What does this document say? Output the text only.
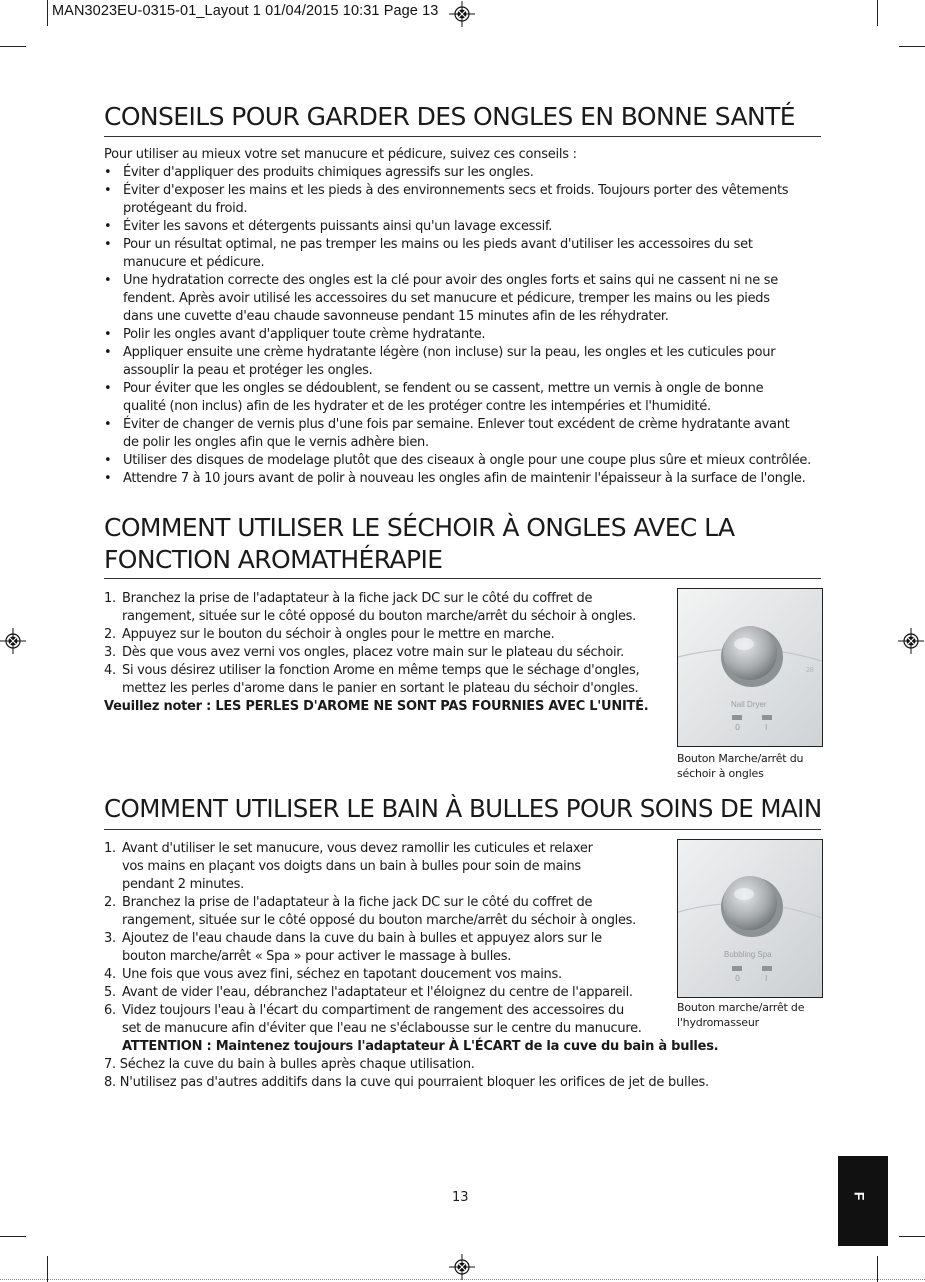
MAN3023EU-0315-01_Layout 1 01/04/2015 10:31 Page 13
CONSEILS POUR GARDER DES ONGLES EN BONNE SANTÉ

Pour utiliser au mieux votre set manucure et pédicure, suivez ces conseils :

• Éviter d'appliquer des produits chimiques agressifs sur les ongles.
• Éviter d'exposer les mains et les pieds à des environnements secs et froids. Toujours porter des vêtements
protégeant du froid.
• Éviter les savons et détergents puissants ainsi qu'un lavage excessif.
• Pour un résultat optimal, ne pas tremper les mains ou les pieds avant d'utiliser les accessoires du set
manucure et pédicure.
• Une hydratation correcte des ongles est la clé pour avoir des ongles forts et sains qui ne cassent ni ne se
fendent. Après avoir utilisé les accessoires du set manucure et pédicure, tremper les mains ou les pieds
dans une cuvette d'eau chaude savonneuse pendant 15 minutes afin de les réhydrater.
• Polir les ongles avant d'appliquer toute crème hydratante.
• Appliquer ensuite une crème hydratante légère (non incluse) sur la peau, les ongles et les cuticules pour
assouplir la peau et protéger les ongles.
• Pour éviter que les ongles se dédoublent, se fendent ou se cassent, mettre un vernis à ongle de bonne
qualité (non inclus) afin de les hydrater et de les protéger contre les intempéries et l'humidité.
• Éviter de changer de vernis plus d'une fois par semaine. Enlever tout excédent de crème hydratante avant
de polir les ongles afin que le vernis adhère bien.
• Utiliser des disques de modelage plutôt que des ciseaux à ongle pour une coupe plus sûre et mieux contrôlée.
• Attendre 7 à 10 jours avant de polir à nouveau les ongles afin de maintenir l'épaisseur à la surface de l'ongle.
COMMENT UTILISER LE SÉCHOIR À ONGLES AVEC LA
FONCTION AROMATHÉRAPIE
1. Branchez la prise de l'adaptateur à la fiche jack DC sur le côté du coffret de
rangement, située sur le côté opposé du bouton marche/arrêt du séchoir à ongles.
2. Appuyez sur le bouton du séchoir à ongles pour le mettre en marche.
3. Dès que vous avez verni vos ongles, placez votre main sur le plateau du séchoir.
4. Si vous désirez utiliser la fonction Arome en même temps que le séchage d'ongles,
mettez les perles d'arome dans le panier en sortant le plateau du séchoir d'ongles.

Veuillez noter : LES PERLES D'AROME NE SONT PAS FOURNIES AVEC L'UNITÉ.	Nail Dryer
28
0	I
Bouton Marche/arrêt du
séchoir à ongles
COMMENT UTILISER LE BAIN À BULLES POUR SOINS DE MAIN
1. Avant d'utiliser le set manucure, vous devez ramollir les cuticules et relaxer
vos mains en plaçant vos doigts dans un bain à bulles pour soin de mains
pendant 2 minutes.
2. Branchez la prise de l'adaptateur à la fiche jack DC sur le côté du coffret de
rangement, située sur le côté opposé du bouton marche/arrêt du séchoir à ongles.
3. Ajoutez de l'eau chaude dans la cuve du bain à bulles et appuyez alors sur le
bouton marche/arrêt « Spa » pour activer le massage à bulles.
4. Une fois que vous avez fini, séchez en tapotant doucement vos mains.
5. Avant de vider l'eau, débranchez l'adaptateur et l'éloignez du centre de l'appareil.
6. Videz toujours l'eau à l'écart du compartiment de rangement des accessoires du
set de manucure afin d'éviter que l'eau ne s'éclabousse sur le centre du manucure.

ATTENTION : Maintenez toujours l'adaptateur À L'ÉCART de la cuve du bain à bulles.

7. Séchez la cuve du bain à bulles après chaque utilisation.

8. N'utilisez pas d'autres additifs dans la cuve qui pourraient bloquer les orifices de jet de bulles.

Bubbling Spa
0	I
Bouton marche/arrêt de
l'hydromasseur
13	F
